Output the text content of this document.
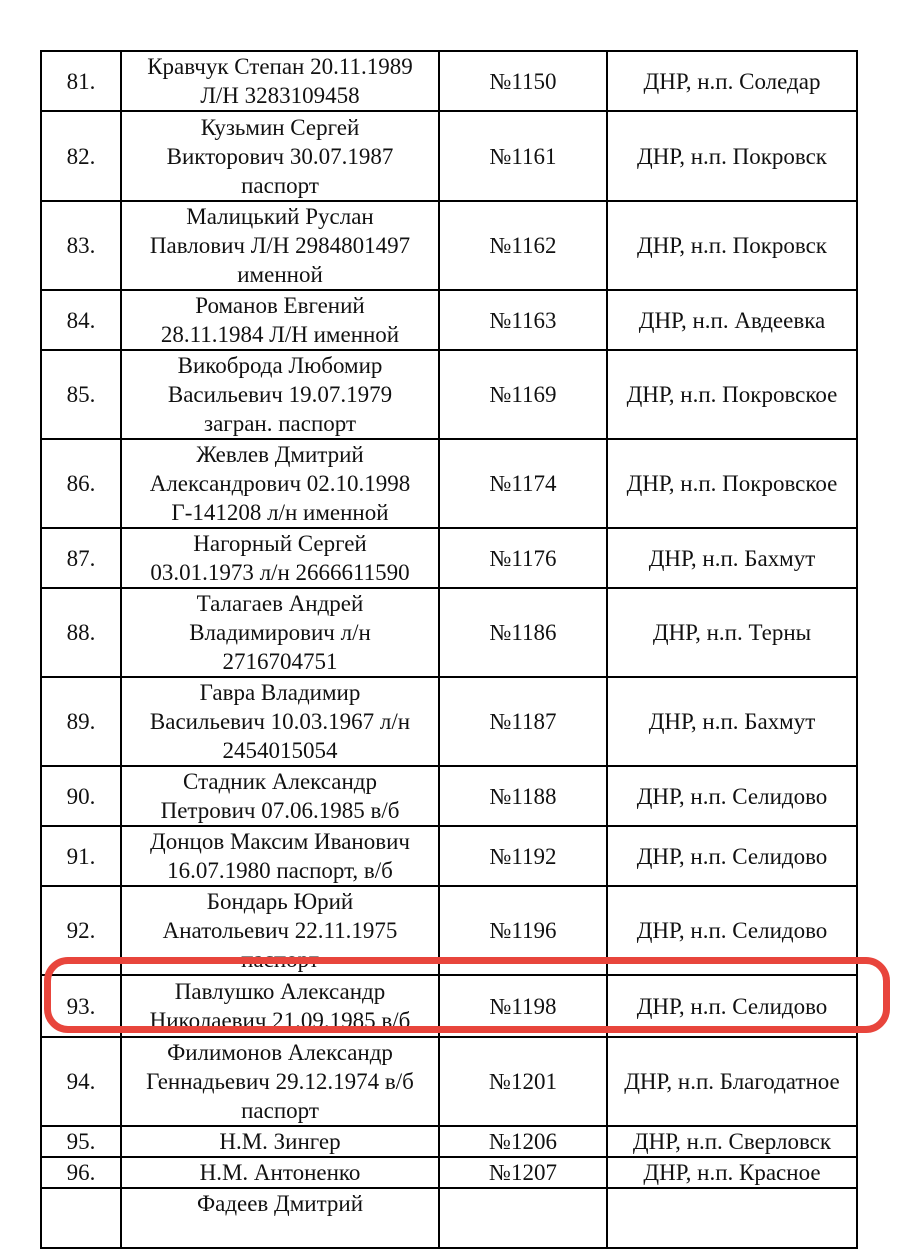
81.	Кравчук Степан 20.11.1989
Л/Н 3283109458	№1150	ДНР, н.п. Соледар
82.	Кузьмин Сергей
Викторович 30.07.1987
паспорт	№1161	ДНР, н.п. Покровск
83.	Малицький Руслан
Павлович Л/Н 2984801497
именной	№1162	ДНР, н.п. Покровск
84.	Романов Евгений
28.11.1984 Л/Н именной	№1163	ДНР, н.п. Авдеевка
85.	Викоброда Любомир
Васильевич 19.07.1979
загран. паспорт	№1169	ДНР, н.п. Покровское
86.	Жевлев Дмитрий
Александрович 02.10.1998
Г-141208 л/н именной	№1174	ДНР, н.п. Покровское
87.	Нагорный Сергей
03.01.1973 л/н 2666611590	№1176	ДНР, н.п. Бахмут
88.	Талагаев Андрей
Владимирович л/н
2716704751	№1186	ДНР, н.п. Терны
89.	Гавра Владимир
Васильевич 10.03.1967 л/н
2454015054	№1187	ДНР, н.п. Бахмут
90.	Стадник Александр
Петрович 07.06.1985 в/б	№1188	ДНР, н.п. Селидово
91.	Донцов Максим Иванович
16.07.1980 паспорт, в/б	№1192	ДНР, н.п. Селидово
92.	Бондарь Юрий
Анатольевич 22.11.1975
паспорт	№1196	ДНР, н.п. Селидово
93.	Павлушко Александр
Николаевич 21.09.1985 в/б	№1198	ДНР, н.п. Селидово
94.	Филимонов Александр
Геннадьевич 29.12.1974 в/б
паспорт	№1201	ДНР, н.п. Благодатное
95.	Н.М. Зингер	№1206	ДНР, н.п. Сверловск
96.	Н.М. Антоненко	№1207	ДНР, н.п. Красное
	Фадеев Дмитрий		
